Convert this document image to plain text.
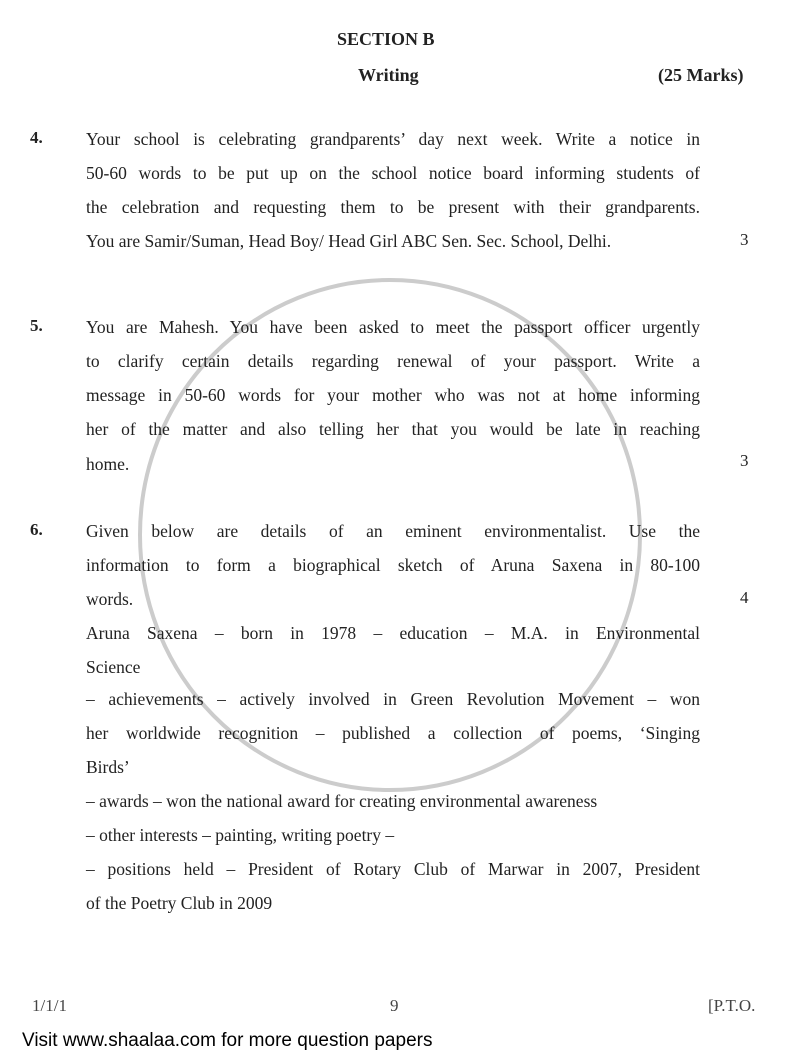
SECTION B
Writing	(25 Marks)
4. Your school is celebrating grandparents’ day next week. Write a notice in
50-60 words to be put up on the school notice board informing students of
the celebration and requesting them to be present with their grandparents.
You are Samir/Suman, Head Boy/ Head Girl ABC Sen. Sec. School, Delhi.	3
5. You are Mahesh. You have been asked to meet the passport officer urgently
to clarify certain details regarding renewal of your passport. Write a
message in 50-60 words for your mother who was not at home informing
her of the matter and also telling her that you would be late in reaching
home.	3
6. Given below are details of an eminent environmentalist. Use the
information to form a biographical sketch of Aruna Saxena in 80-100
words.
Aruna Saxena – born in 1978 – education – M.A. in Environmental
Science
– achievements – actively involved in Green Revolution Movement – won
her worldwide recognition – published a collection of poems, ‘Singing
Birds’
– awards – won the national award for creating environmental awareness
– other interests – painting, writing poetry –
– positions held – President of Rotary Club of Marwar in 2007, President
of the Poetry Club in 2009
4
1/1/1	9	[P.T.O.
Visit www.shaalaa.com for more question papers
